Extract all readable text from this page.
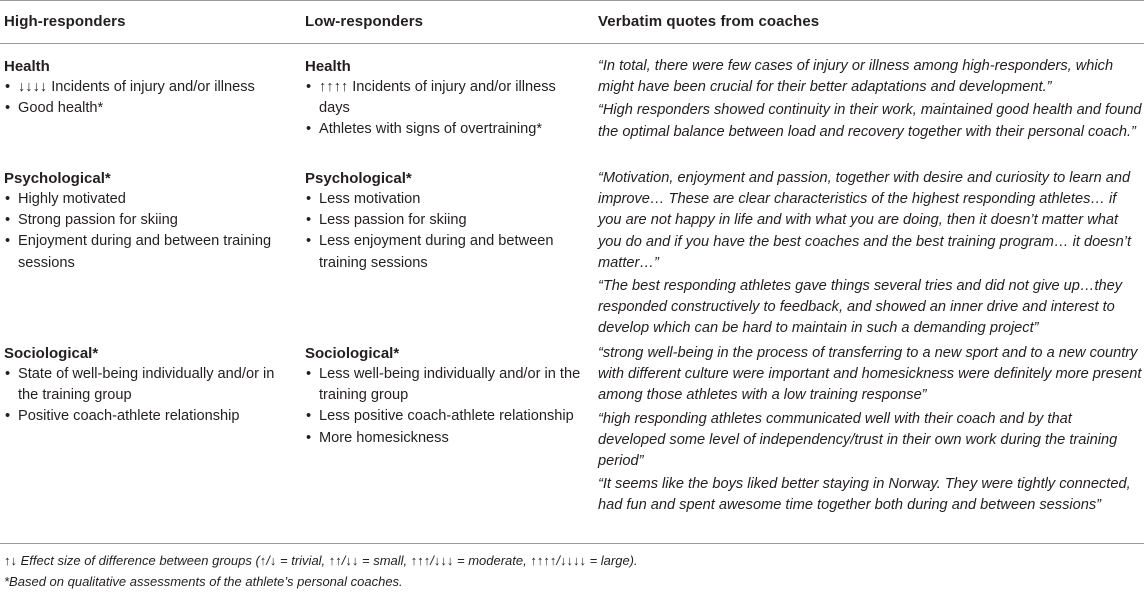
High-responders	Low-responders	Verbatim quotes from coaches
Health
• ↓↓↓↓ Incidents of injury and/or illness
• Good health*
Health
• ↑↑↑↑ Incidents of injury and/or illness days
• Athletes with signs of overtraining*
“In total, there were few cases of injury or illness among high-responders, which might have been crucial for their better adaptations and development.”
“High responders showed continuity in their work, maintained good health and found the optimal balance between load and recovery together with their personal coach.”
Psychological*
• Highly motivated
• Strong passion for skiing
• Enjoyment during and between training sessions
Psychological*
• Less motivation
• Less passion for skiing
• Less enjoyment during and between training sessions
“Motivation, enjoyment and passion, together with desire and curiosity to learn and improve… These are clear characteristics of the highest responding athletes… if you are not happy in life and with what you are doing, then it doesn’t matter what you do and if you have the best coaches and the best training program… it doesn’t matter…”
“The best responding athletes gave things several tries and did not give up…they responded constructively to feedback, and showed an inner drive and interest to develop which can be hard to maintain in such a demanding project”
Sociological*
• State of well-being individually and/or in the training group
• Positive coach-athlete relationship
Sociological*
• Less well-being individually and/or in the training group
• Less positive coach-athlete relationship
• More homesickness
“strong well-being in the process of transferring to a new sport and to a new country with different culture were important and homesickness were definitely more present among those athletes with a low training response”
“high responding athletes communicated well with their coach and by that developed some level of independency/trust in their own work during the training period”
“It seems like the boys liked better staying in Norway. They were tightly connected, had fun and spent awesome time together both during and between sessions”
↑↓ Effect size of difference between groups (↑/↓ = trivial, ↑↑/↓↓ = small, ↑↑↑/↓↓↓ = moderate, ↑↑↑↑/↓↓↓↓ = large).
*Based on qualitative assessments of the athlete’s personal coaches.
